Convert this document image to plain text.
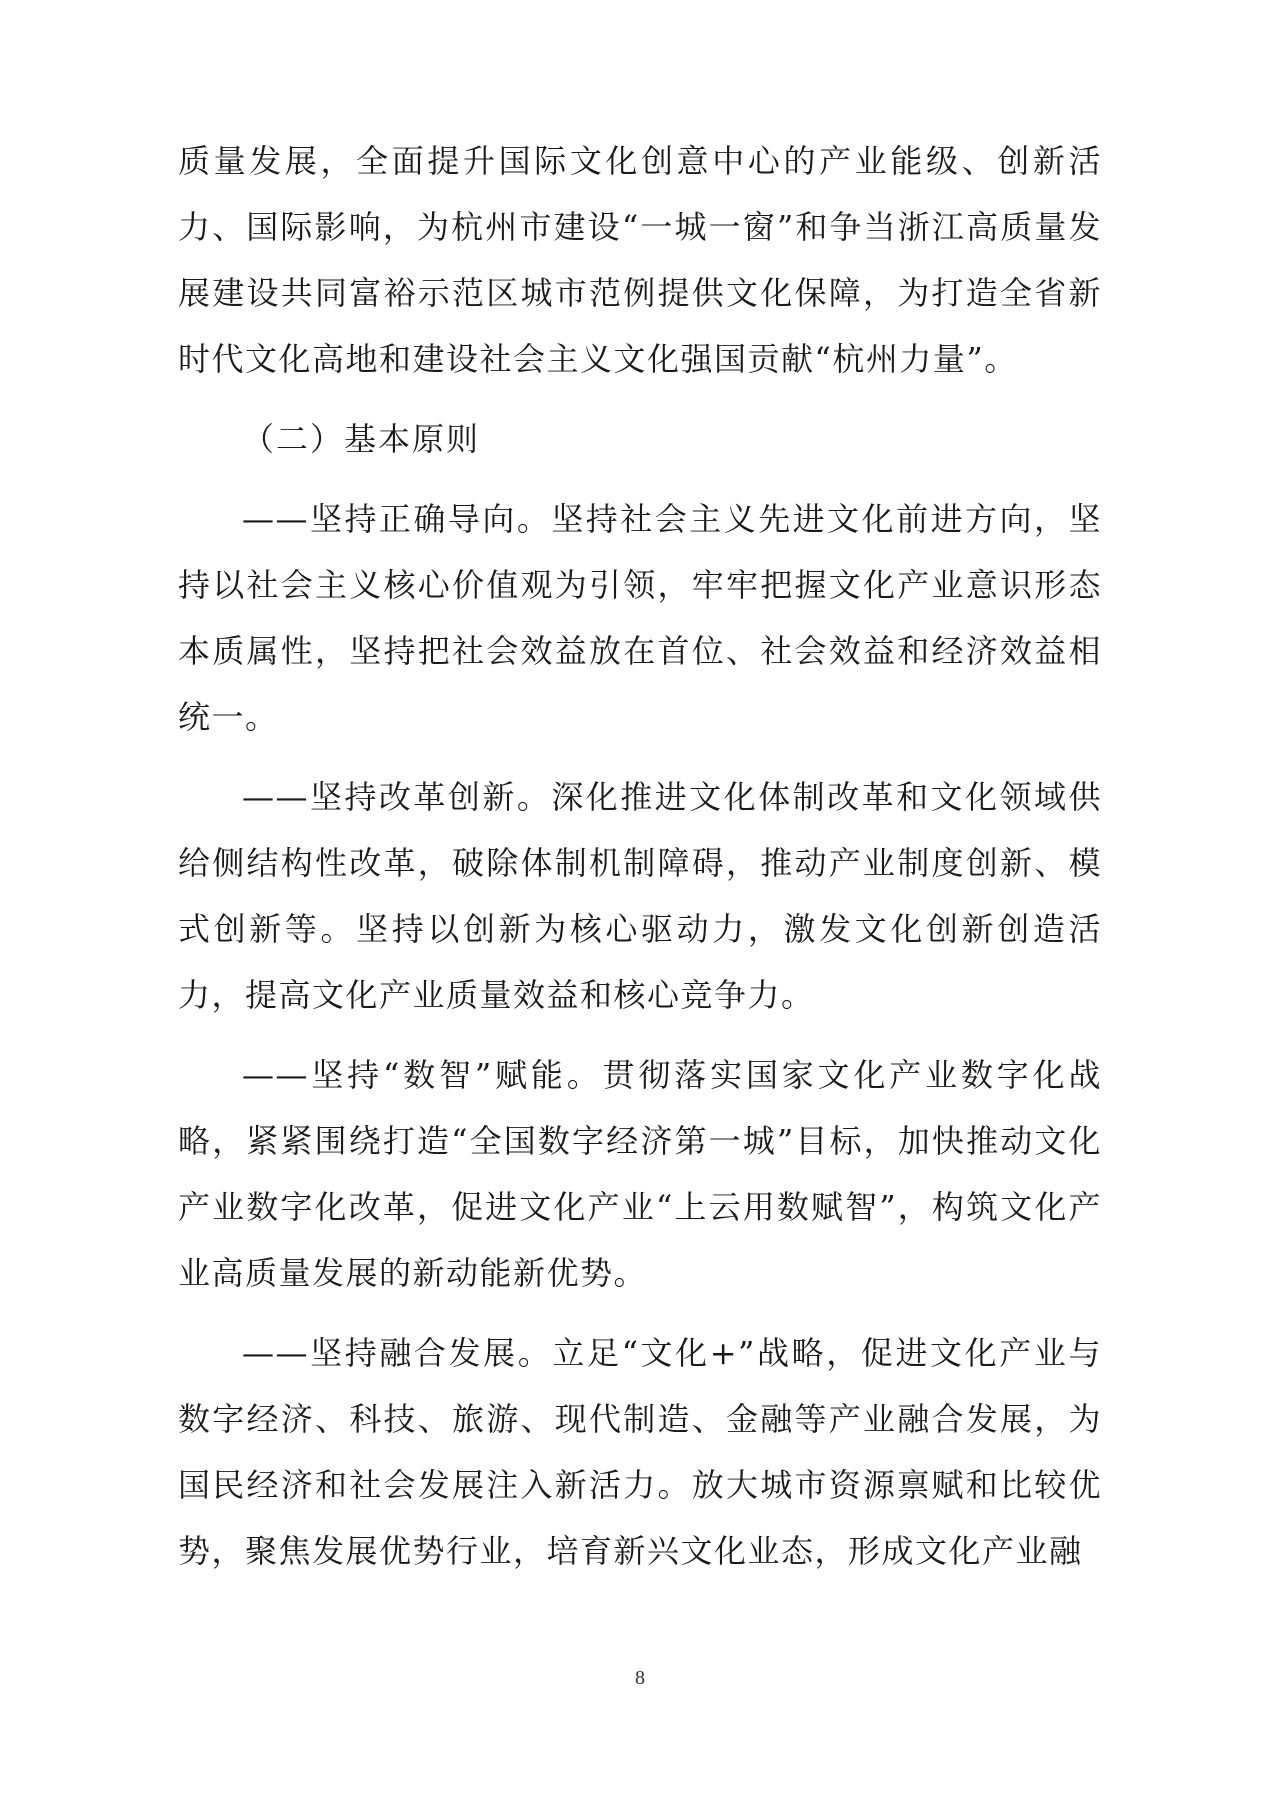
质量发展，全面提升国际文化创意中心的产业能级、创新活力、国际影响，为杭州市建设“一城一窗”和争当浙江高质量发展建设共同富裕示范区城市范例提供文化保障，为打造全省新时代文化高地和建设社会主义文化强国贡献“杭州力量”。

（二）基本原则

——坚持正确导向。坚持社会主义先进文化前进方向，坚持以社会主义核心价值观为引领，牢牢把握文化产业意识形态本质属性，坚持把社会效益放在首位、社会效益和经济效益相统一。

——坚持改革创新。深化推进文化体制改革和文化领域供给侧结构性改革，破除体制机制障碍，推动产业制度创新、模式创新等。坚持以创新为核心驱动力，激发文化创新创造活力，提高文化产业质量效益和核心竞争力。

——坚持“数智”赋能。贯彻落实国家文化产业数字化战略，紧紧围绕打造“全国数字经济第一城”目标，加快推动文化产业数字化改革，促进文化产业“上云用数赋智”，构筑文化产业高质量发展的新动能新优势。

——坚持融合发展。立足“文化+”战略，促进文化产业与数字经济、科技、旅游、现代制造、金融等产业融合发展，为国民经济和社会发展注入新活力。放大城市资源禀赋和比较优势，聚焦发展优势行业，培育新兴文化业态，形成文化产业融

8
